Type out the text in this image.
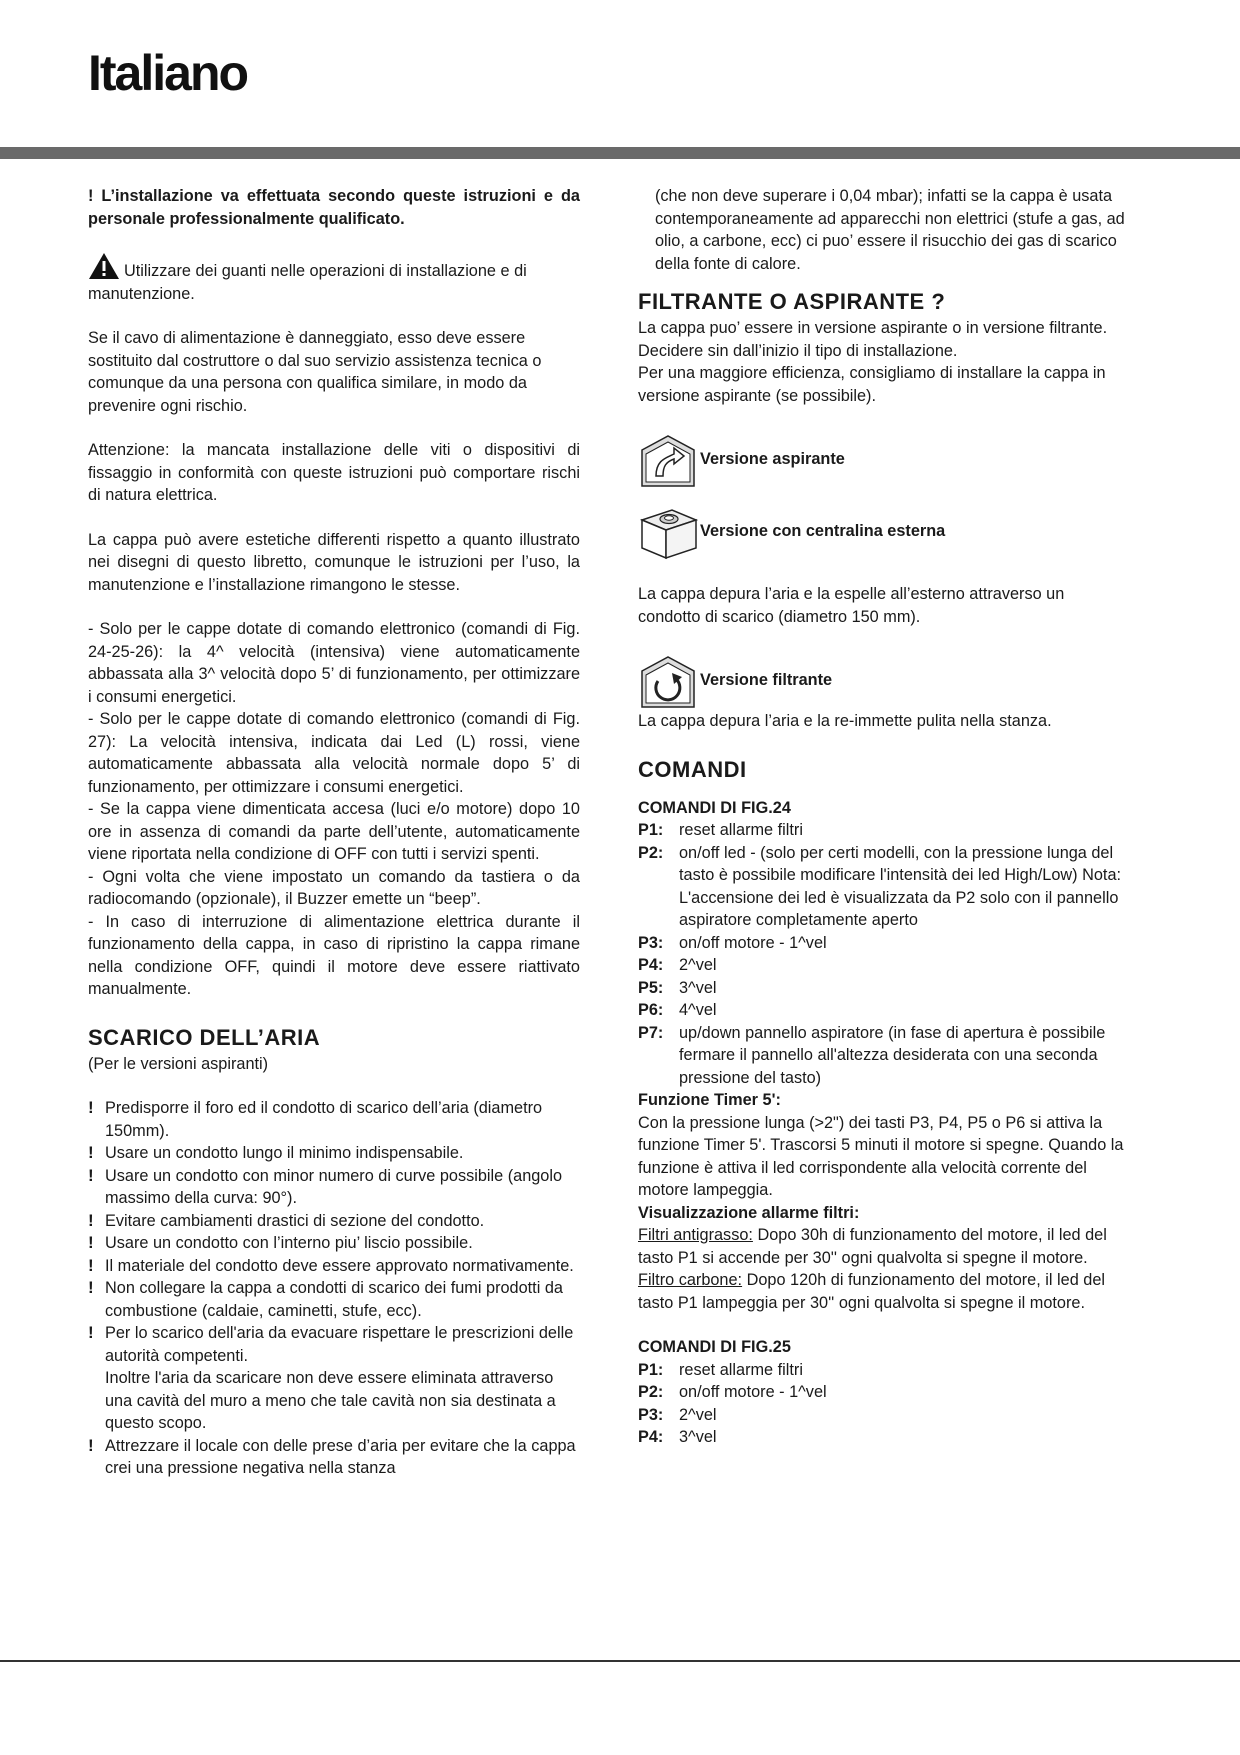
Italiano

! L’installazione va effettuata secondo queste istruzioni e da personale professionalmente qualificato.

Utilizzare dei guanti nelle operazioni di installazione e di manutenzione.

Se il cavo di alimentazione è danneggiato, esso deve essere sostituito dal costruttore o dal suo servizio assistenza tecnica o comunque da una persona con qualifica similare, in modo da prevenire ogni rischio.

Attenzione: la mancata installazione delle viti o dispositivi di fissaggio in conformità con queste istruzioni può comportare rischi di natura elettrica.

La cappa può avere estetiche differenti rispetto a quanto illustrato nei disegni di questo libretto, comunque le istruzioni per l’uso, la manutenzione e l’installazione rimangono le stesse.

- Solo per le cappe dotate di comando elettronico (comandi di Fig. 24-25-26): la 4^ velocità (intensiva) viene automaticamente abbassata alla 3^ velocità dopo 5’ di funzionamento, per ottimizzare i consumi energetici.

- Solo per le cappe dotate di comando elettronico (comandi di Fig. 27): La velocità intensiva, indicata dai Led (L) rossi, viene automaticamente abbassata alla velocità normale dopo 5’ di funzionamento, per ottimizzare i consumi energetici.

- Se la cappa viene dimenticata accesa (luci e/o motore) dopo 10 ore in assenza di comandi da parte dell’utente, automaticamente viene riportata nella condizione di OFF con tutti i servizi spenti.

- Ogni volta che viene impostato un comando da tastiera o da radiocomando (opzionale), il Buzzer emette un “beep”.

- In caso di interruzione di alimentazione elettrica durante il funzionamento della cappa, in caso di ripristino la cappa rimane nella condizione OFF, quindi il motore deve essere riattivato manualmente.

SCARICO DELL’ARIA

(Per le versioni aspiranti)

! Predisporre il foro ed il condotto di scarico dell’aria (diametro 150mm).
! Usare un condotto lungo il minimo indispensabile.
! Usare un condotto con minor numero di curve possibile (angolo massimo della curva: 90°).
! Evitare cambiamenti drastici di sezione del condotto.
! Usare un condotto con l’interno piu’ liscio possibile.
! Il materiale del condotto deve essere approvato normativamente.
! Non collegare la cappa a condotti di scarico dei fumi prodotti da combustione (caldaie, caminetti, stufe, ecc).
! Per lo scarico dell'aria da evacuare rispettare le prescrizioni delle autorità competenti.
Inoltre l'aria da scaricare non deve essere eliminata attraverso una cavità del muro a meno che tale cavità non sia destinata a questo scopo.
! Attrezzare il locale con delle prese d’aria per evitare che la cappa crei una pressione negativa nella stanza

(che non deve superare i 0,04 mbar); infatti se la cappa è usata contemporaneamente ad apparecchi non elettrici (stufe a gas, ad olio, a carbone, ecc) ci puo’ essere il risucchio dei gas di scarico della fonte di calore.

FILTRANTE O ASPIRANTE ?

La cappa puo’ essere in versione aspirante o in versione filtrante.

Decidere sin dall’inizio il tipo di installazione.

Per una maggiore efficienza, consigliamo di installare la cappa in versione aspirante (se possibile).

Versione aspirante
Versione con centralina esterna

La cappa depura l’aria e la espelle all’esterno attraverso un condotto di scarico (diametro 150 mm).

Versione filtrante

La cappa depura l’aria e la re-immette pulita nella stanza.

COMANDI

COMANDI DI FIG.24

P1: reset allarme filtri
P2: on/off led - (solo per certi modelli, con la pressione lunga del tasto è possibile modificare l'intensità dei led High/Low) Nota: L'accensione dei led è visualizzata da P2 solo con il pannello aspiratore completamente aperto
P3: on/off motore - 1^vel
P4: 2^vel
P5: 3^vel
P6: 4^vel
P7: up/down pannello aspiratore (in fase di apertura è possibile fermare il pannello all'altezza desiderata con una seconda pressione del tasto)

Funzione Timer 5':

Con la pressione lunga (>2") dei tasti P3, P4, P5 o P6 si attiva la funzione Timer 5'. Trascorsi 5 minuti il motore si spegne. Quando la funzione è attiva il led corrispondente alla velocità corrente del motore lampeggia.

Visualizzazione allarme filtri:

Filtri antigrasso: Dopo 30h di funzionamento del motore, il led del tasto P1 si accende per 30'' ogni qualvolta si spegne il motore.

Filtro carbone: Dopo 120h di funzionamento del motore, il led del tasto P1 lampeggia per 30'' ogni qualvolta si spegne il motore.

COMANDI DI FIG.25

P1: reset allarme filtri
P2: on/off motore - 1^vel
P3: 2^vel
P4: 3^vel
